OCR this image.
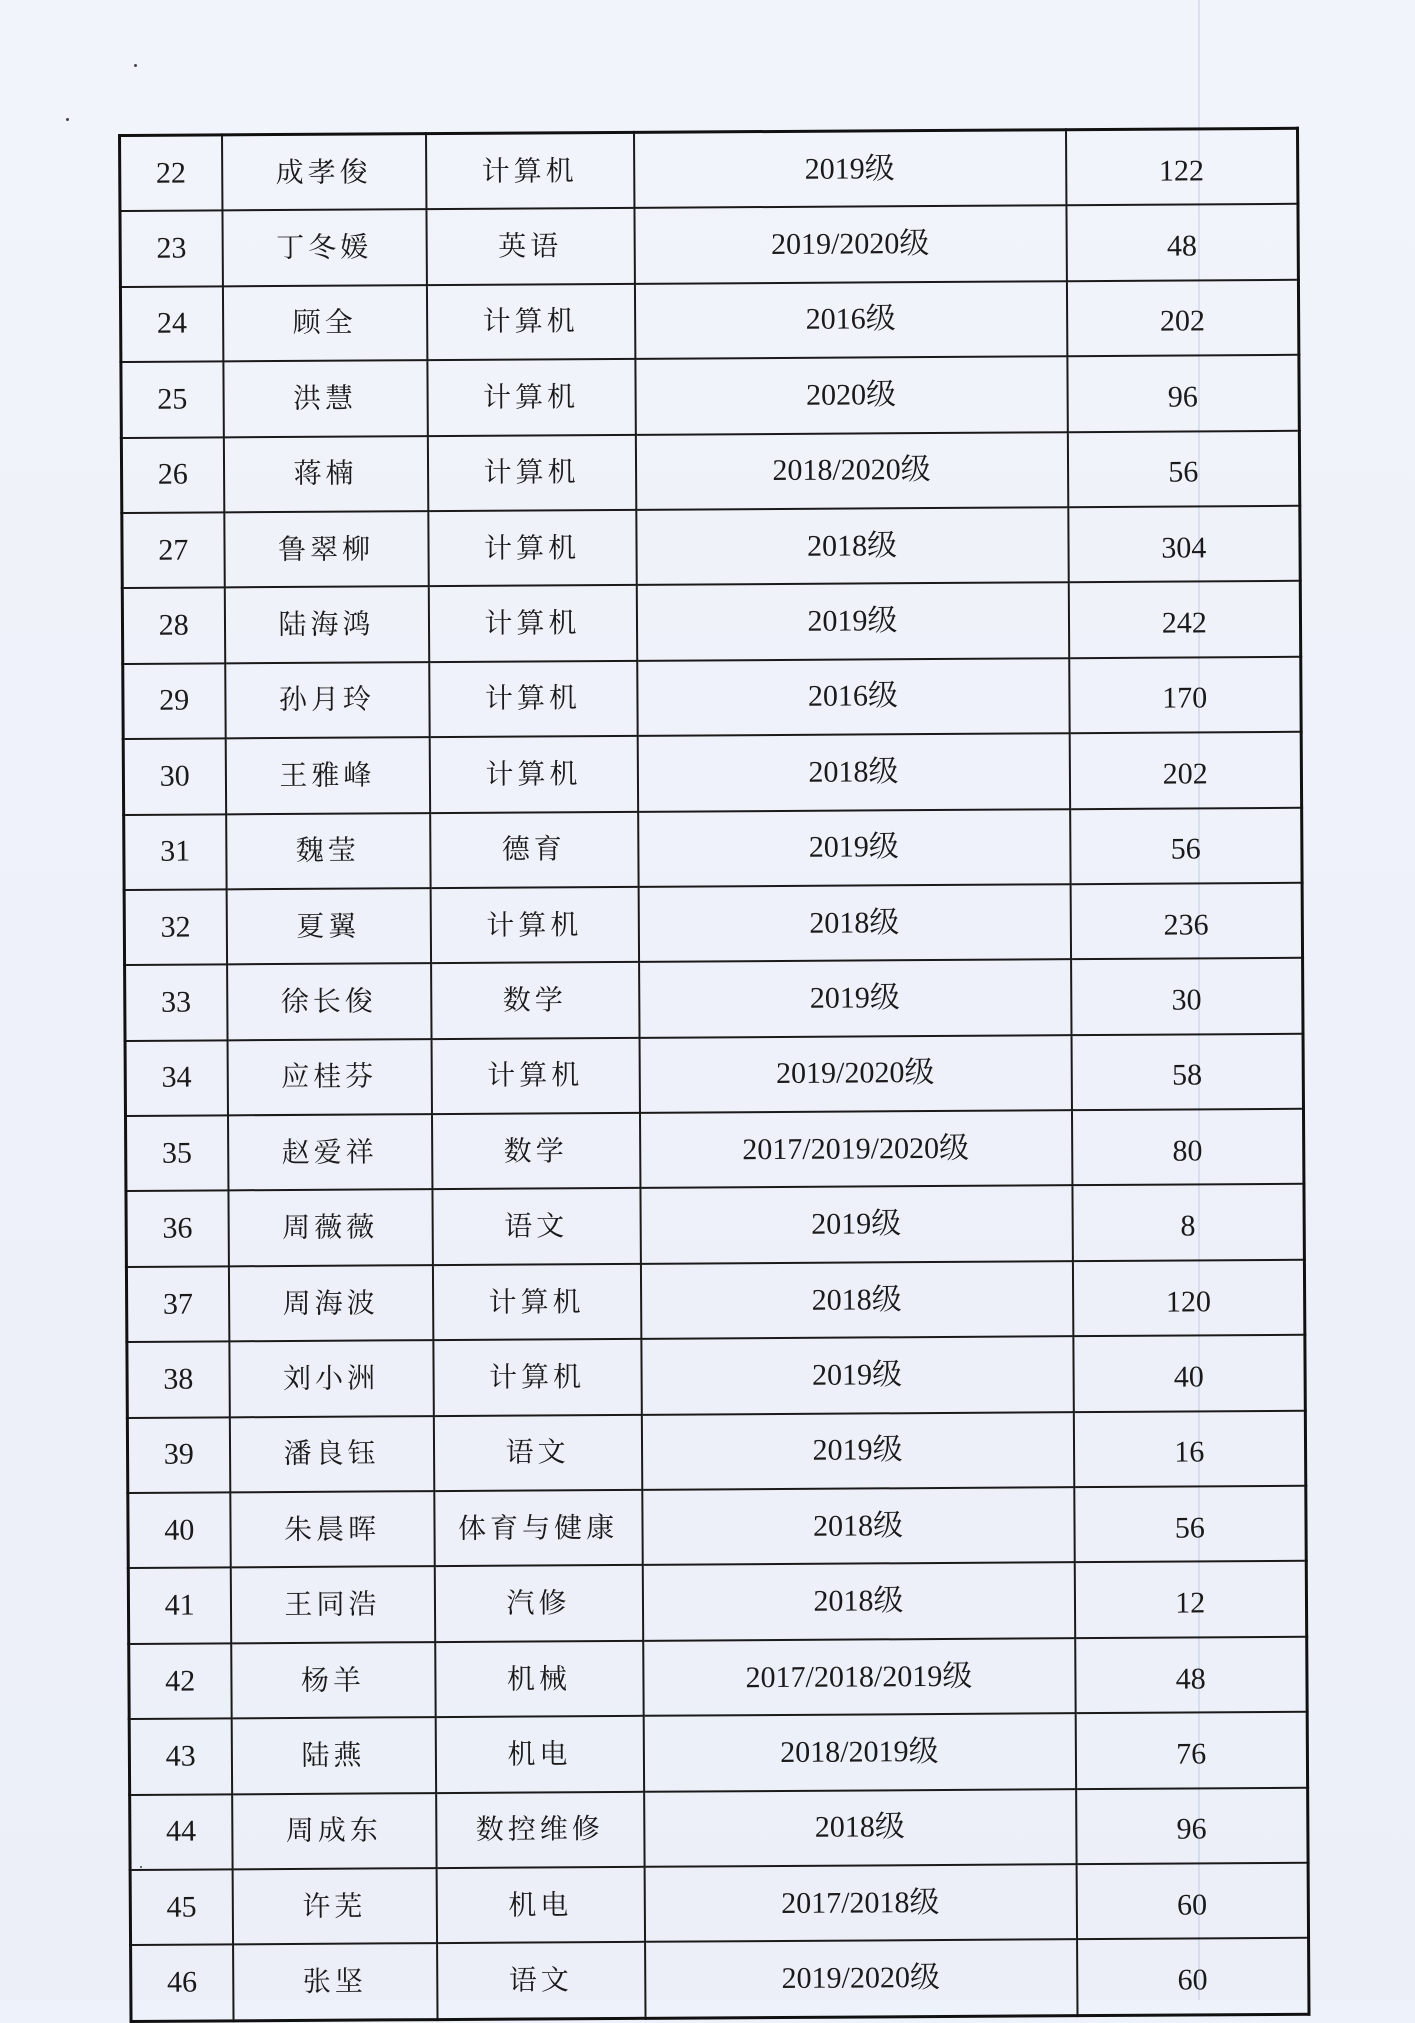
22	成孝俊	计算机	2019级	122
23	丁冬媛	英语	2019/2020级	48
24	顾全	计算机	2016级	202
25	洪慧	计算机	2020级	96
26	蒋楠	计算机	2018/2020级	56
27	鲁翠柳	计算机	2018级	304
28	陆海鸿	计算机	2019级	242
29	孙月玲	计算机	2016级	170
30	王雅峰	计算机	2018级	202
31	魏莹	德育	2019级	56
32	夏翼	计算机	2018级	236
33	徐长俊	数学	2019级	30
34	应桂芬	计算机	2019/2020级	58
35	赵爱祥	数学	2017/2019/2020级	80
36	周薇薇	语文	2019级	8
37	周海波	计算机	2018级	120
38	刘小洲	计算机	2019级	40
39	潘良钰	语文	2019级	16
40	朱晨晖	体育与健康	2018级	56
41	王同浩	汽修	2018级	12
42	杨羊	机械	2017/2018/2019级	48
43	陆燕	机电	2018/2019级	76
44	周成东	数控维修	2018级	96
45	许芜	机电	2017/2018级	60
46	张坚	语文	2019/2020级	60
